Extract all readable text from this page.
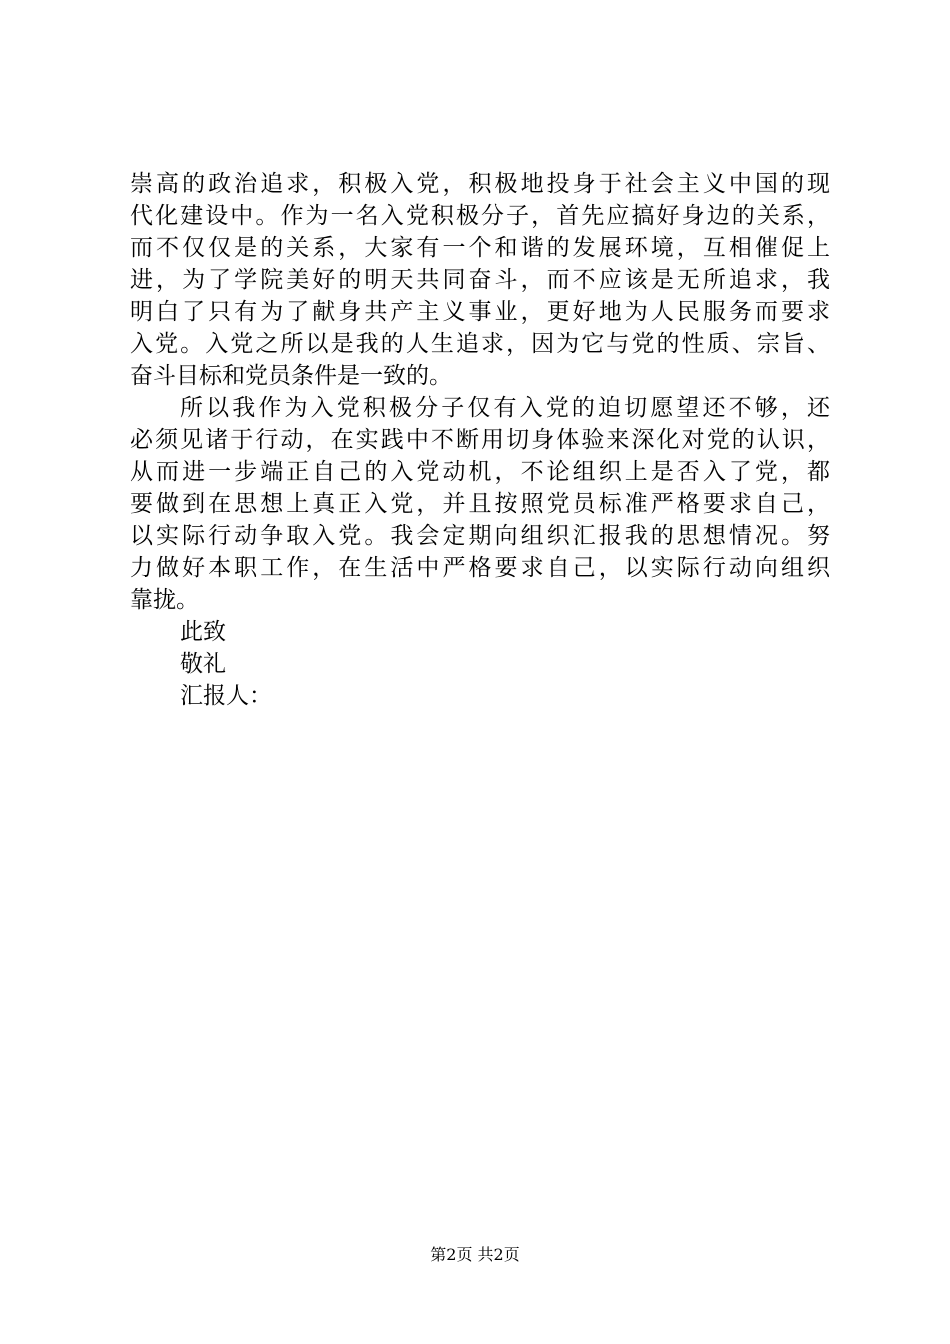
崇高的政治追求，积极入党，积极地投身于社会主义中国的现
代化建设中。作为一名入党积极分子，首先应搞好身边的关系，
而不仅仅是的关系，大家有一个和谐的发展环境，互相催促上
进，为了学院美好的明天共同奋斗，而不应该是无所追求，我
明白了只有为了献身共产主义事业，更好地为人民服务而要求
入党。入党之所以是我的人生追求，因为它与党的性质、宗旨、
奋斗目标和党员条件是一致的。
所以我作为入党积极分子仅有入党的迫切愿望还不够，还
必须见诸于行动，在实践中不断用切身体验来深化对党的认识，
从而进一步端正自己的入党动机，不论组织上是否入了党，都
要做到在思想上真正入党，并且按照党员标准严格要求自己，
以实际行动争取入党。我会定期向组织汇报我的思想情况。努
力做好本职工作，在生活中严格要求自己，以实际行动向组织
靠拢。
此致
敬礼
汇报人：
第2页 共2页
